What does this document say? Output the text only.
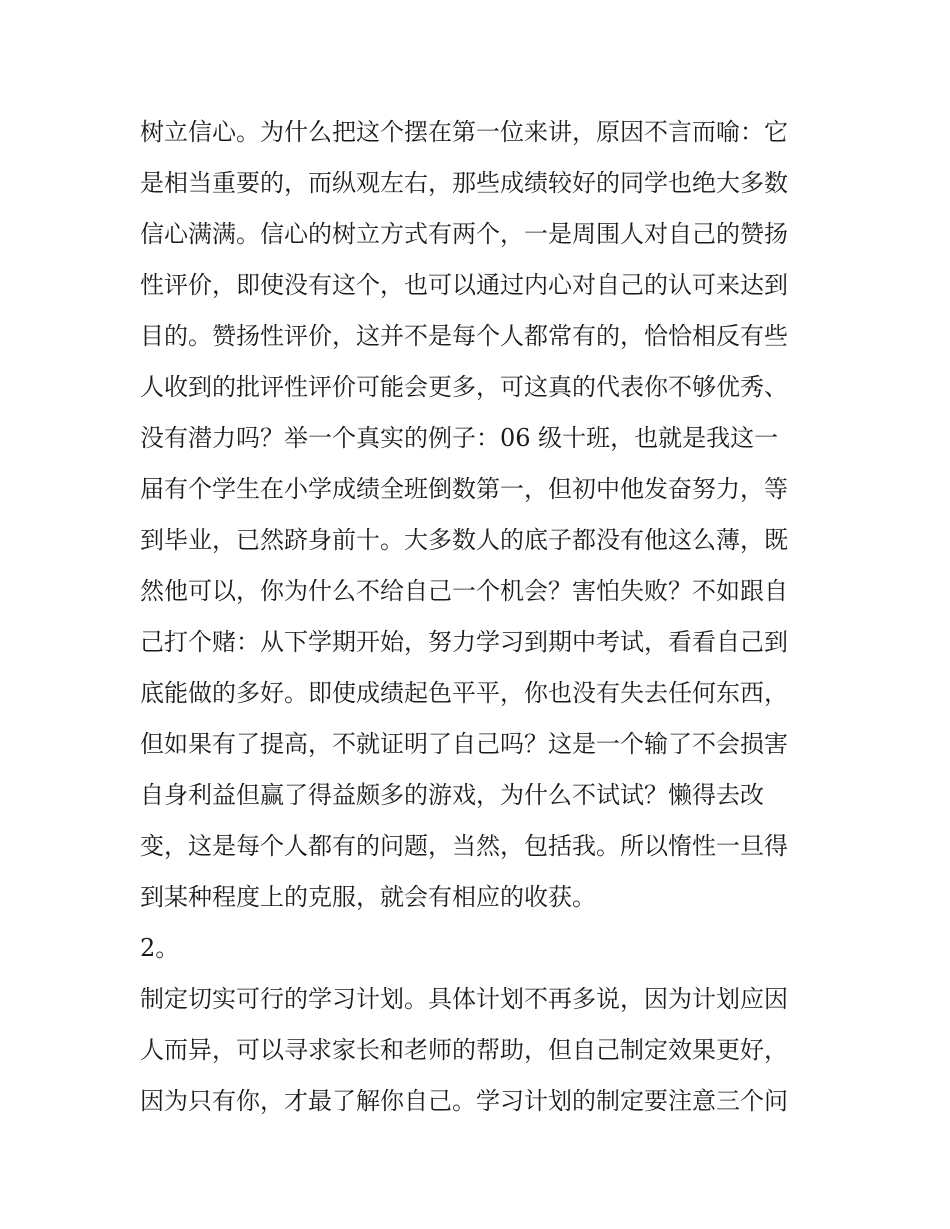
树立信心。为什么把这个摆在第一位来讲，原因不言而喻：它
是相当重要的，而纵观左右，那些成绩较好的同学也绝大多数
信心满满。信心的树立方式有两个，一是周围人对自己的赞扬
性评价，即使没有这个，也可以通过内心对自己的认可来达到
目的。赞扬性评价，这并不是每个人都常有的，恰恰相反有些
人收到的批评性评价可能会更多，可这真的代表你不够优秀、
没有潜力吗？举一个真实的例子：06 级十班，也就是我这一
届有个学生在小学成绩全班倒数第一，但初中他发奋努力，等
到毕业，已然跻身前十。大多数人的底子都没有他这么薄，既
然他可以，你为什么不给自己一个机会？害怕失败？不如跟自
己打个赌：从下学期开始，努力学习到期中考试，看看自己到
底能做的多好。即使成绩起色平平，你也没有失去任何东西，
但如果有了提高，不就证明了自己吗？这是一个输了不会损害
自身利益但赢了得益颇多的游戏，为什么不试试？懒得去改
变，这是每个人都有的问题，当然，包括我。所以惰性一旦得
到某种程度上的克服，就会有相应的收获。
2。
制定切实可行的学习计划。具体计划不再多说，因为计划应因
人而异，可以寻求家长和老师的帮助，但自己制定效果更好，
因为只有你，才最了解你自己。学习计划的制定要注意三个问
